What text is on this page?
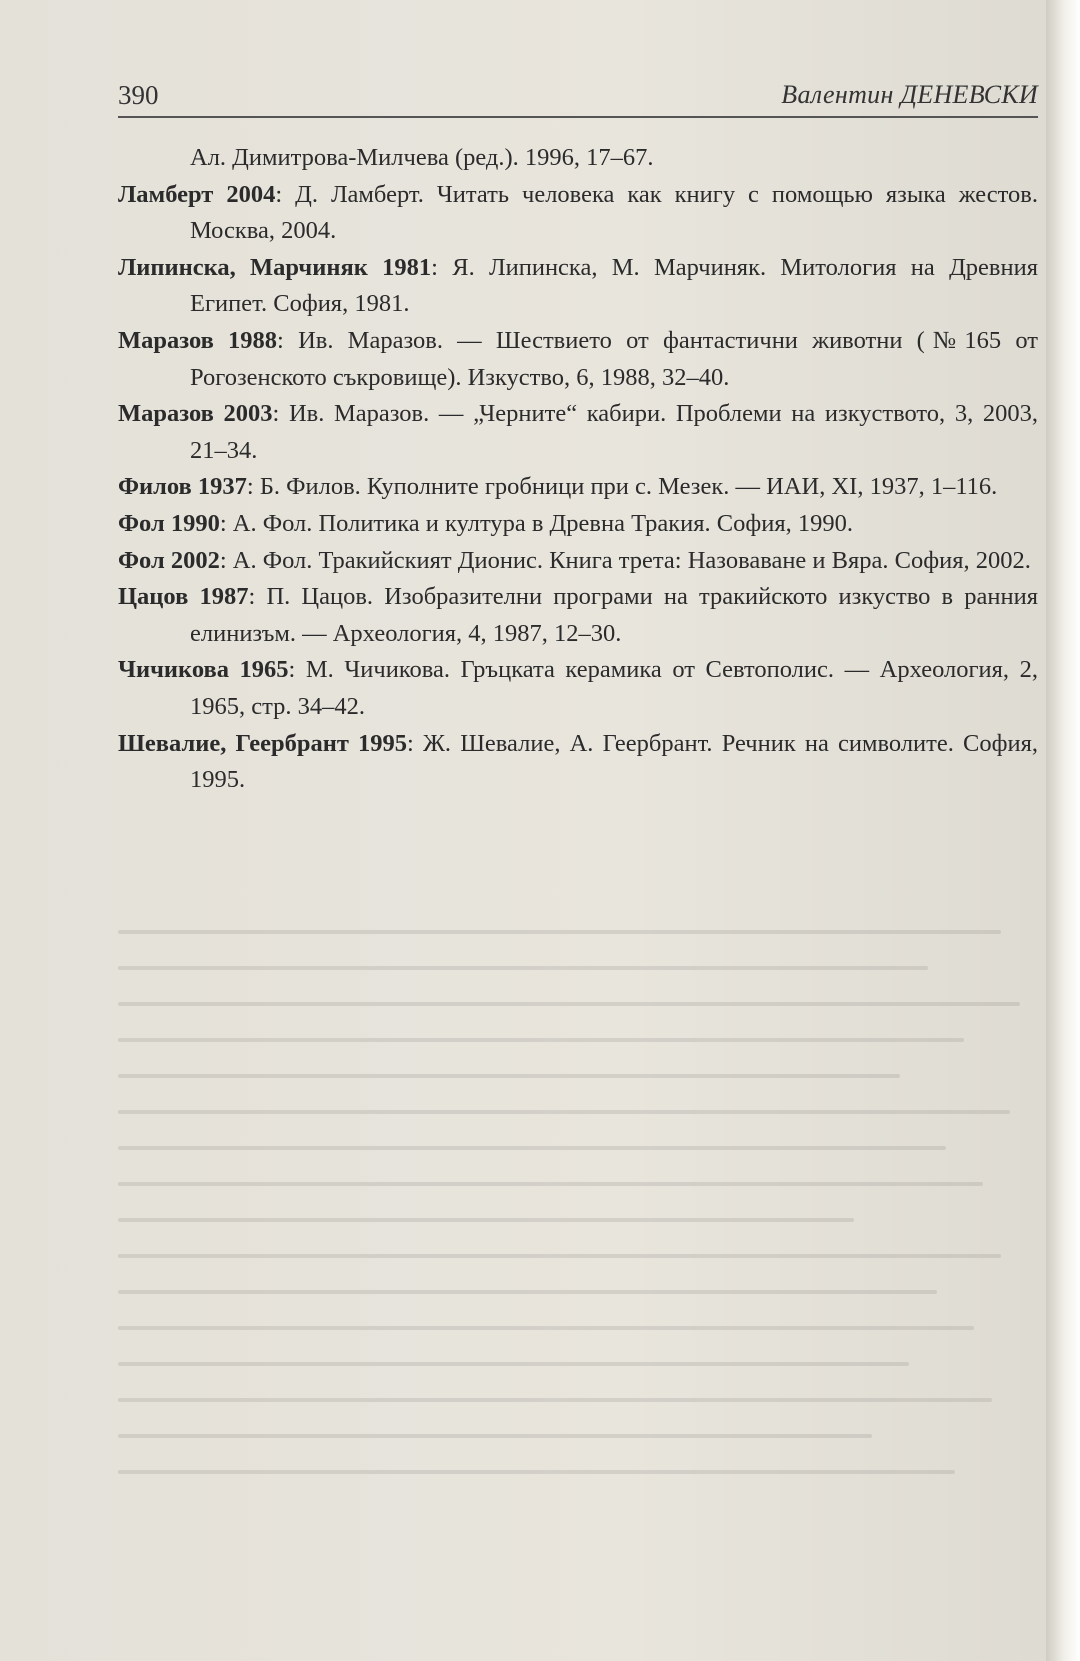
390	Валентин ДЕНЕВСКИ

Ал. Димитрова-Милчева (ред.). 1996, 17–67.

Ламберт 2004: Д. Ламберт. Читать человека как книгу с помощью языка жестов. Москва, 2004.

Липинска, Марчиняк 1981: Я. Липинска, М. Марчиняк. Митология на Древния Египет. София, 1981.

Маразов 1988: Ив. Маразов. — Шествието от фантастични животни (№165 от Рогозенското съкровище). Изкуство, 6, 1988, 32–40.

Маразов 2003: Ив. Маразов. — „Черните“ кабири. Проблеми на изкуството, 3, 2003, 21–34.

Филов 1937: Б. Филов. Куполните гробници при с. Мезек. — ИАИ, XI, 1937, 1–116.

Фол 1990: А. Фол. Политика и култура в Древна Тракия. София, 1990.

Фол 2002: А. Фол. Тракийският Дионис. Книга трета: Назоваване и Вяра. София, 2002.

Цацов 1987: П. Цацов. Изобразителни програми на тракийското изкуство в ранния елинизъм. — Археология, 4, 1987, 12–30.

Чичикова 1965: М. Чичикова. Гръцката керамика от Севтополис. — Археология, 2, 1965, стр. 34–42.

Шевалие, Геербрант 1995: Ж. Шевалие, А. Геербрант. Речник на символите. София, 1995.
